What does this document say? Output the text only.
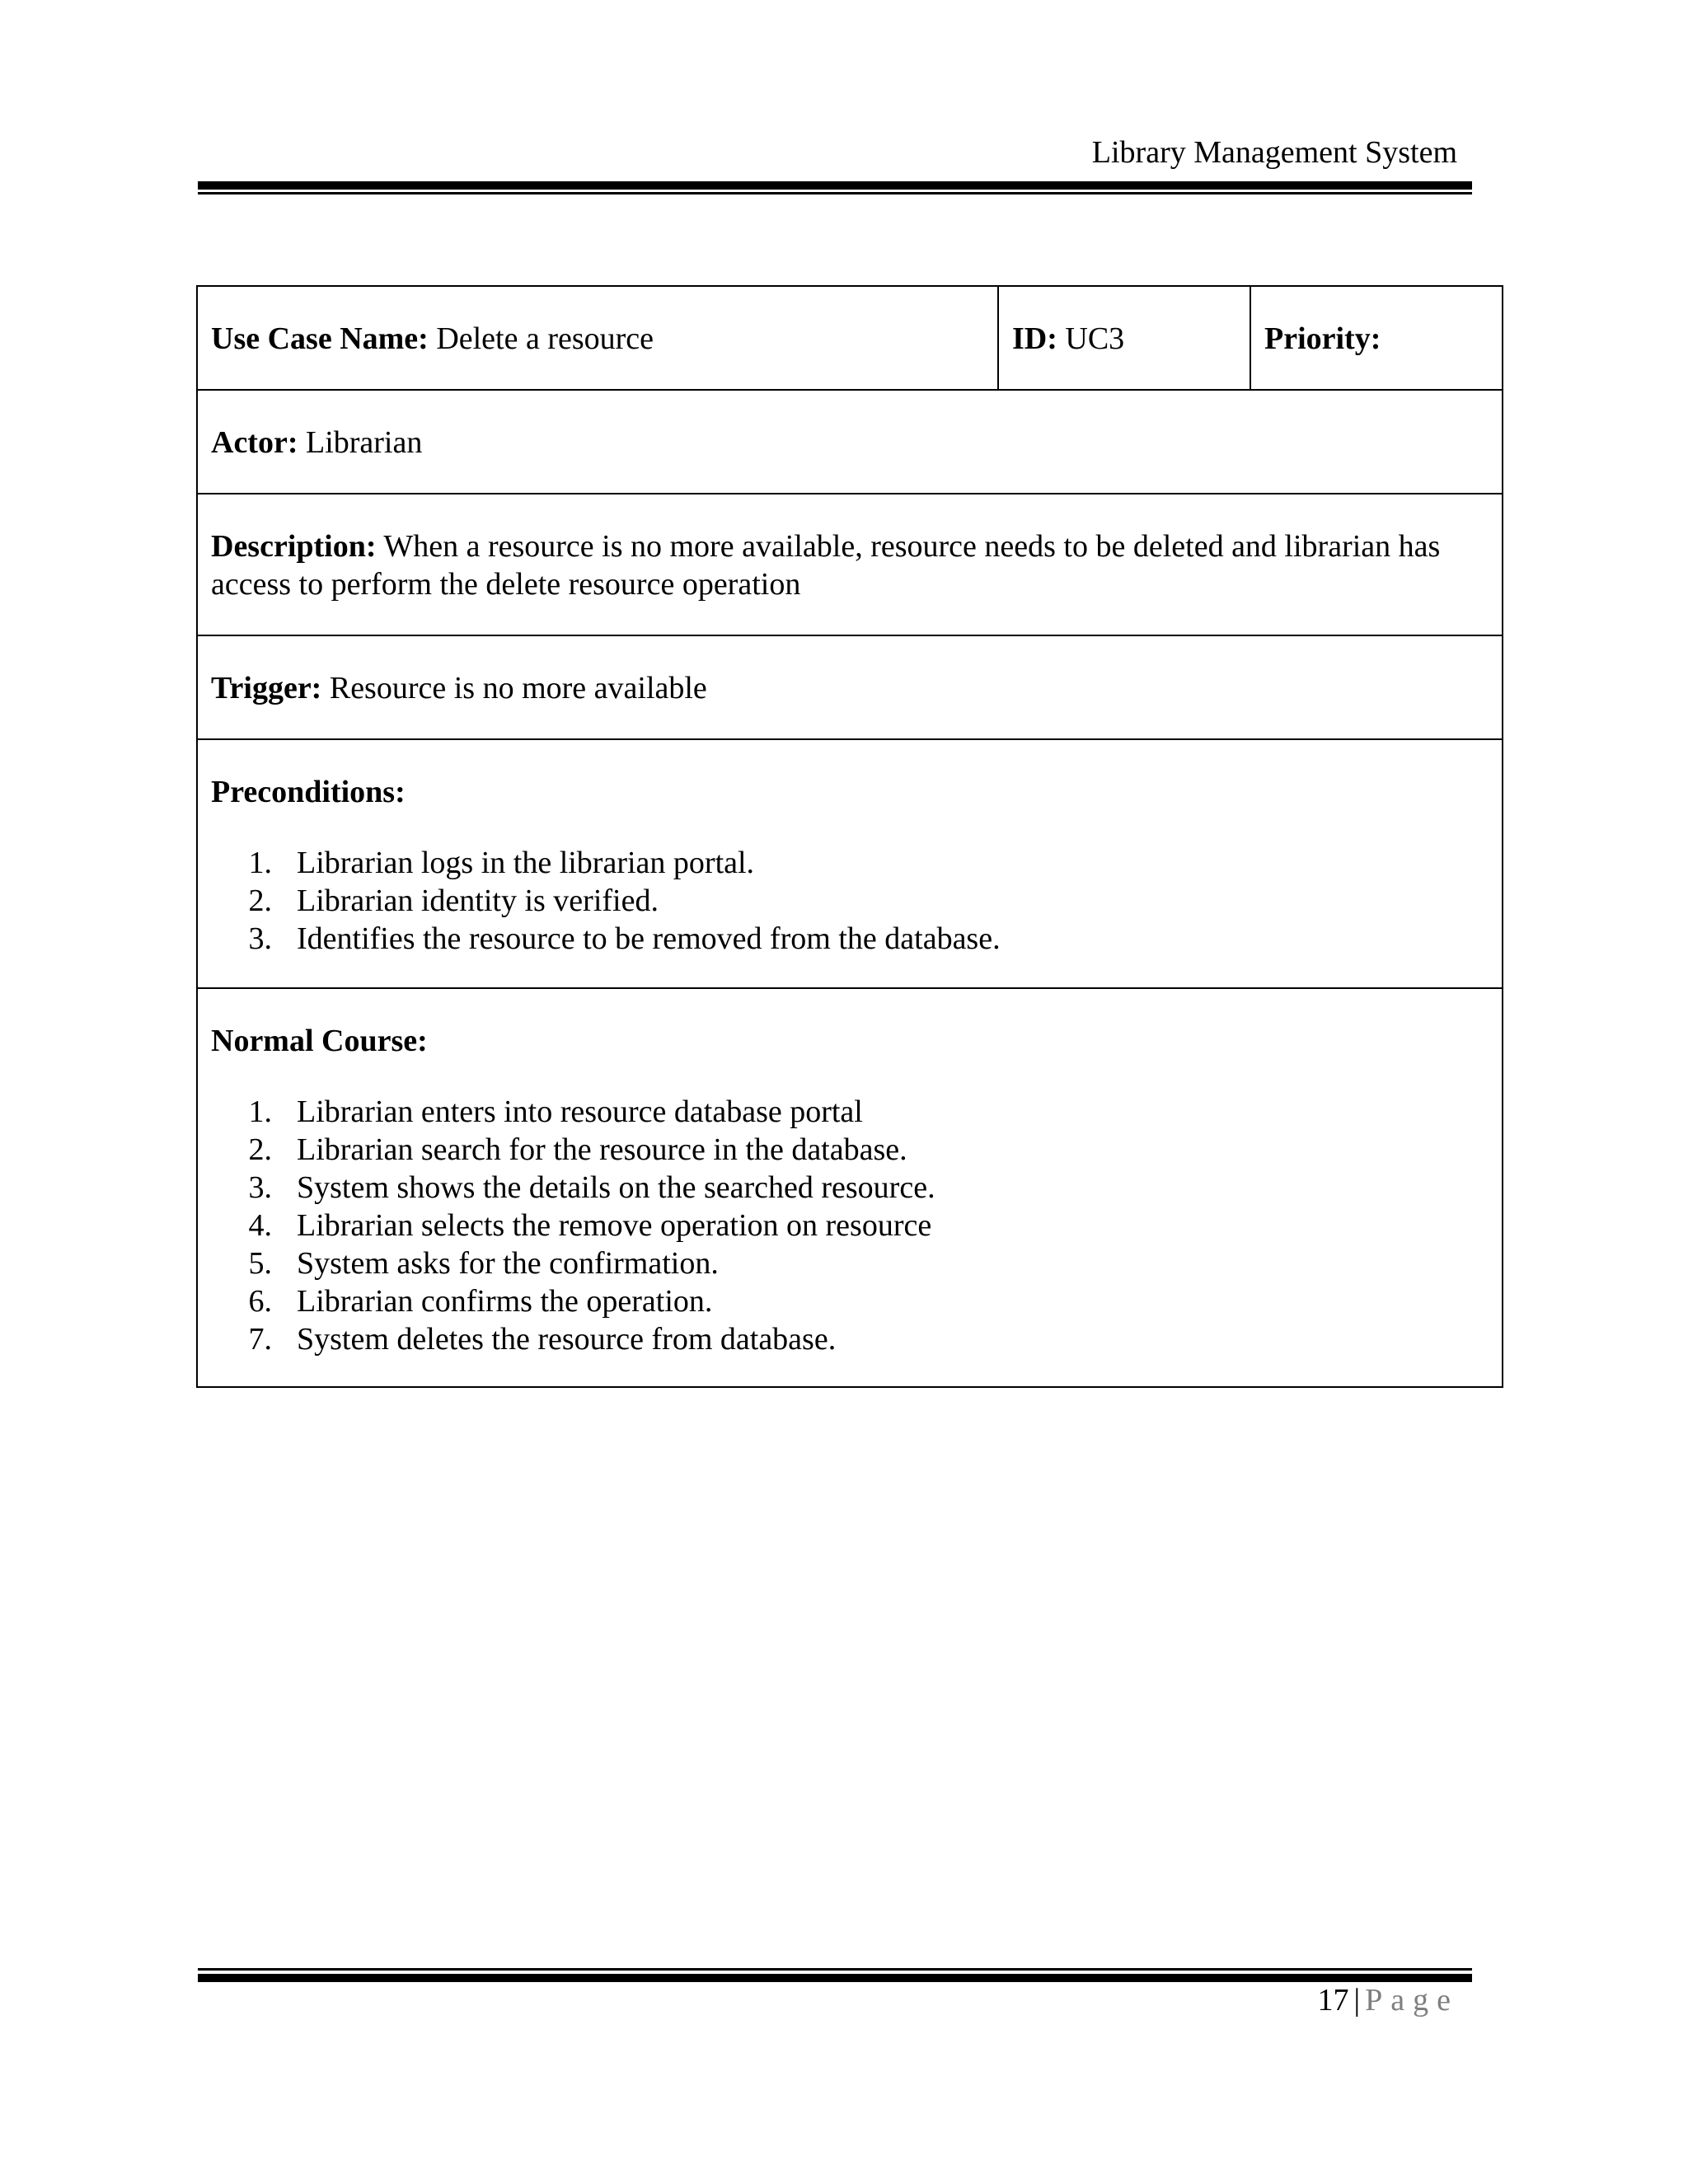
Library Management System
Use Case Name: Delete a resource	ID: UC3	Priority:
Actor: Librarian
Description: When a resource is no more available, resource needs to be deleted and librarian has access to perform the delete resource operation
Trigger: Resource is no more available
Preconditions:
1. Librarian logs in the librarian portal.
2. Librarian identity is verified.
3. Identifies the resource to be removed from the database.

Normal Course:
1. Librarian enters into resource database portal
2. Librarian search for the resource in the database.
3. System shows the details on the searched resource.
4. Librarian selects the remove operation on resource
5. System asks for the confirmation.
6. Librarian confirms the operation.
7. System deletes the resource from database.
17 | Page
